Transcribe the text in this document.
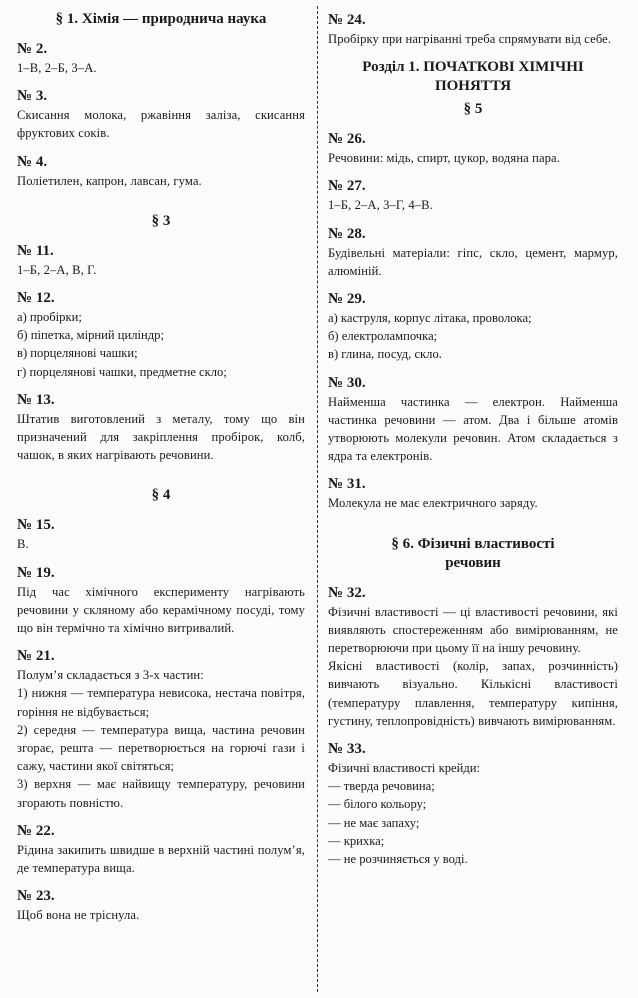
§ 1. Хімія — природнича наука
№ 2.
1–В, 2–Б, 3–А.
№ 3.
Скисання молока, ржавіння заліза, скисання фруктових соків.
№ 4.
Поліетилен, капрон, лавсан, гума.
§ 3
№ 11.
1–Б, 2–А, В, Г.
№ 12.
а) пробірки;
б) піпетка, мірний циліндр;
в) порцелянові чашки;
г) порцелянові чашки, предметне скло;
№ 13.
Штатив виготовлений з металу, тому що він призначений для закріплення пробірок, колб, чашок, в яких нагрівають речовини.
§ 4
№ 15.
В.
№ 19.
Під час хімічного експерименту нагрівають речовини у скляному або керамічному посуді, тому що він термічно та хімічно витривалий.
№ 21.
Полум’я складається з 3-х частин:
1) нижня — температура невисока, нестача повітря, горіння не відбувається;
2) середня — температура вища, частина речовин згорає, решта — перетворюється на горючі гази і сажу, частини якої світяться;
3) верхня — має найвищу температуру, речовини згорають повністю.
№ 22.
Рідина закипить швидше в верхній частині полум’я, де температура вища.
№ 23.
Щоб вона не тріснула.
№ 24.
Пробірку при нагріванні треба спрямувати від себе.
Розділ 1. ПОЧАТКОВІ ХІМІЧНІ ПОНЯТТЯ
§ 5
№ 26.
Речовини: мідь, спирт, цукор, водяна пара.
№ 27.
1–Б, 2–А, 3–Г, 4–В.
№ 28.
Будівельні матеріали: гіпс, скло, цемент, мармур, алюміній.
№ 29.
а) каструля, корпус літака, проволока;
б) електролампочка;
в) глина, посуд, скло.
№ 30.
Найменша частинка — електрон. Найменша частинка речовини — атом. Два і більше атомів утворюють молекули речовин. Атом складається з ядра та електронів.
№ 31.
Молекула не має електричного заряду.
§ 6. Фізичні властивості речовин
№ 32.
Фізичні властивості — ці властивості речовини, які виявляють спостереженням або вимірюванням, не перетворюючи при цьому її на іншу речовину.
Якісні властивості (колір, запах, розчинність) вивчають візуально. Кількісні властивості (температуру плавлення, температуру кипіння, густину, теплопровідність) вивчають вимірюванням.
№ 33.
Фізичні властивості крейди:
— тверда речовина;
— білого кольору;
— не має запаху;
— крихка;
— не розчиняється у воді.
